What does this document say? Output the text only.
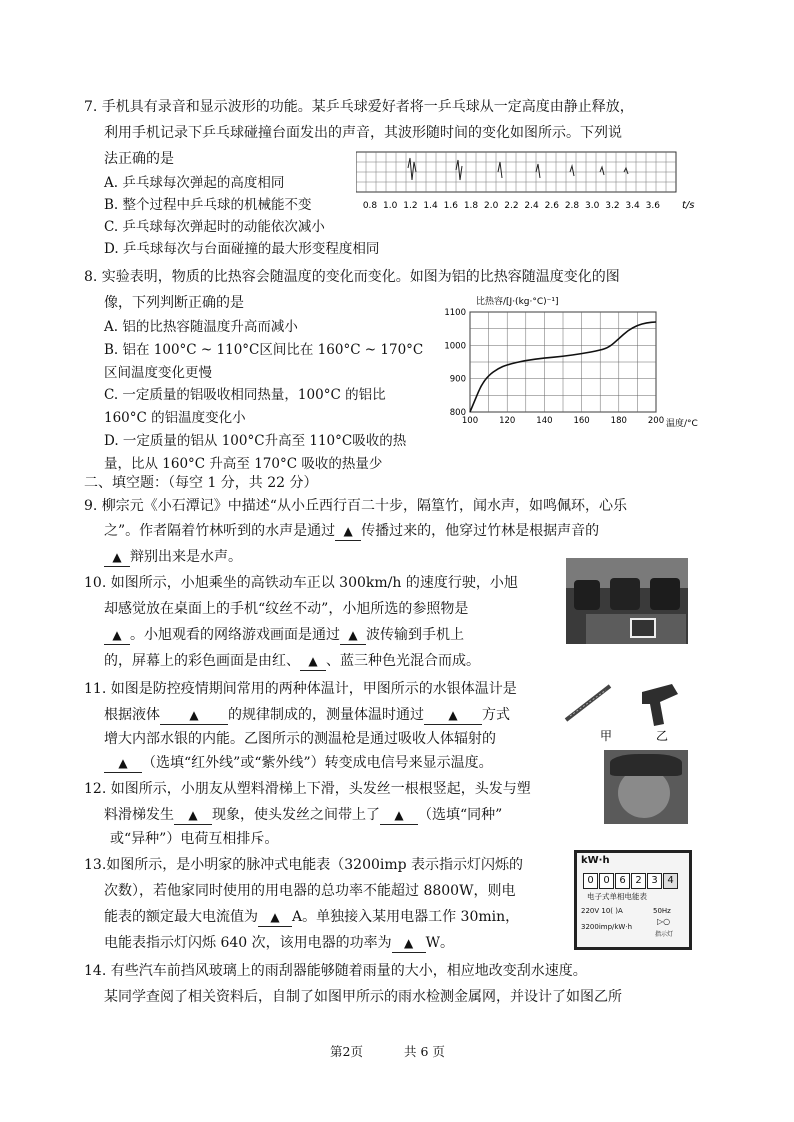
7. 手机具有录音和显示波形的功能。某乒乓球爱好者将一乒乓球从一定高度由静止释放，
利用手机记录下乒乓球碰撞台面发出的声音，其波形随时间的变化如图所示。下列说
法正确的是
A. 乒乓球每次弹起的高度相同
B. 整个过程中乒乓球的机械能不变
C. 乒乓球每次弹起时的动能依次减小
D. 乒乓球每次与台面碰撞的最大形变程度相同
0.8 1.0 1.2 1.4 1.6 1.8 2.0 2.2 2.4 2.6 2.8 3.0 3.2 3.4 3.6 t/s
8. 实验表明，物质的比热容会随温度的变化而变化。如图为铝的比热容随温度变化的图
像，下列判断正确的是
A. 铝的比热容随温度升高而减小
B. 铝在 100°C ~ 110°C区间比在 160°C ~ 170°C
区间温度变化更慢
C. 一定质量的铝吸收相同热量，100°C 的铝比
160°C 的铝温度变化小
D. 一定质量的铝从 100°C升高至 110°C吸收的热
量，比从 160°C 升高至 170°C 吸收的热量少
比热容/[J·(kg·°C)⁻¹]
800
900
1000
1100
100 120 140 160 180 200 温度/°C
二、填空题：（每空 1 分，共 22 分）
9. 柳宗元《小石潭记》中描述“从小丘西行百二十步，隔篁竹，闻水声，如鸣佩环，心乐
之”。作者隔着竹林听到的水声是通过 ▲ 传播过来的，他穿过竹林是根据声音的
▲ 辩别出来是水声。
10. 如图所示，小旭乘坐的高铁动车正以 300km/h 的速度行驶，小旭
却感觉放在桌面上的手机“纹丝不动”，小旭所选的参照物是
▲ 。小旭观看的网络游戏画面是通过 ▲ 波传输到手机上
的，屏幕上的彩色画面是由红、 ▲ 、蓝三种色光混合而成。
11. 如图是防控疫情期间常用的两种体温计，甲图所示的水银体温计是
根据液体 ▲ 的规律制成的，测量体温时通过 ▲ 方式
增大内部水银的内能。乙图所示的测温枪是通过吸收人体辐射的
▲ （选填“红外线”或“紫外线”）转变成电信号来显示温度。
甲	乙
12. 如图所示，小朋友从塑料滑梯上下滑，头发丝一根根竖起，头发与塑
料滑梯发生 ▲ 现象，使头发丝之间带上了 ▲ （选填“同种”
或“异种”）电荷互相排斥。
13.如图所示，是小明家的脉冲式电能表（3200imp 表示指示灯闪烁的
次数），若他家同时使用的用电器的总功率不能超过 8800W，则电
能表的额定最大电流值为 ▲ A。单独接入某用电器工作 30min，
电能表指示灯闪烁 640 次，该用电器的功率为 ▲ W。
kW·h
0 0 6 2 3 4
电子式单相电能表
220V 10( )A	50Hz
3200imp/kW·h
▷○
指示灯
14. 有些汽车前挡风玻璃上的雨刮器能够随着雨量的大小，相应地改变刮水速度。
某同学查阅了相关资料后，自制了如图甲所示的雨水检测金属网，并设计了如图乙所
第2页	共 6 页
